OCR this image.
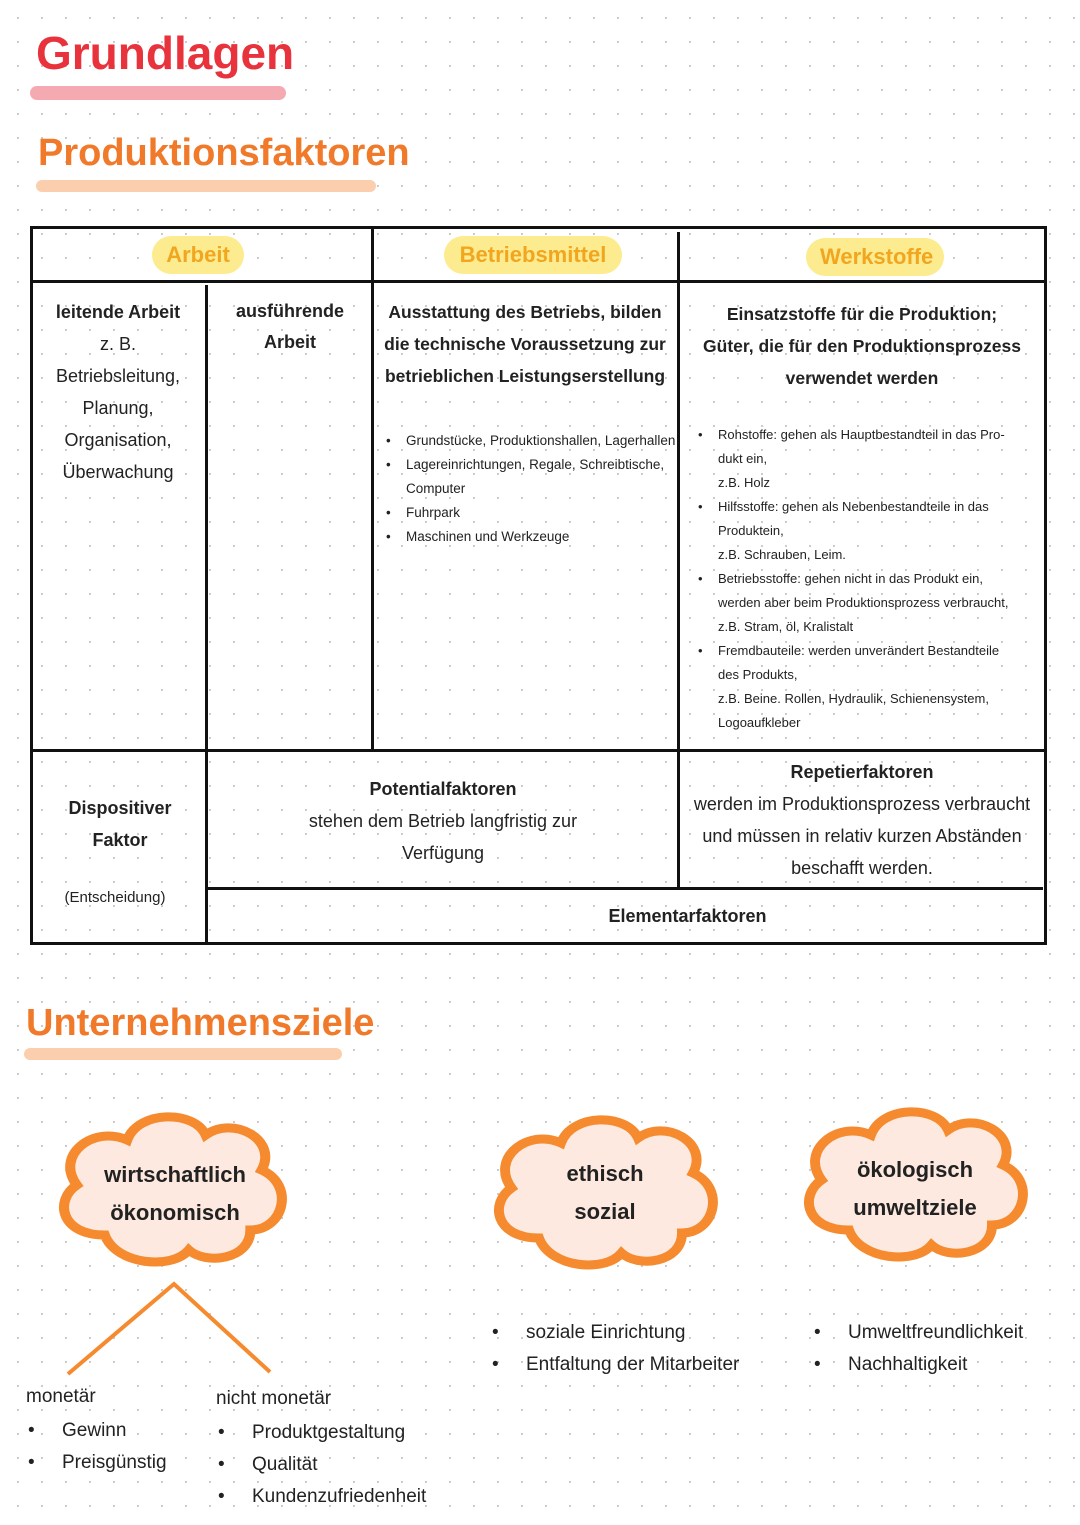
Grundlagen
Produktionsfaktoren
Arbeit	Betriebsmittel	Werkstoffe
leitende Arbeit
z. B.
Betriebsleitung,
Planung,
Organisation,
Überwachung
ausführende
Arbeit
Ausstattung des Betriebs, bilden
die technische Voraussetzung zur
betrieblichen Leistungserstellung
• Grundstücke, Produktionshallen, Lagerhallen
• Lagereinrichtungen, Regale, Schreibtische,
Computer
• Fuhrpark
• Maschinen und Werkzeuge
Einsatzstoffe für die Produktion;
Güter, die für den Produktionsprozess
verwendet werden
• Rohstoffe: gehen als Hauptbestandteil in das Pro-
dukt ein,
z.B. Holz
• Hilfsstoffe: gehen als Nebenbestandteile in das
Produktein,
z.B. Schrauben, Leim.
• Betriebsstoffe: gehen nicht in das Produkt ein,
werden aber beim Produktionsprozess verbraucht,
z.B. Stram, öl, Kralistalt
• Fremdbauteile: werden unverändert Bestandteile
des Produkts,
z.B. Beine. Rollen, Hydraulik, Schienensystem,
Logoaufkleber
Dispositiver
Faktor
(Entscheidung)
Potentialfaktoren
stehen dem Betrieb langfristig zur
Verfügung
Repetierfaktoren
werden im Produktionsprozess verbraucht
und müssen in relativ kurzen Abständen
beschafft werden.
Elementarfaktoren
Unternehmensziele
wirtschaftlich
ökonomisch
ethisch
sozial
ökologisch
umweltziele
monetär
• Gewinn
• Preisgünstig
nicht monetär
• Produktgestaltung
• Qualität
• Kundenzufriedenheit
• soziale Einrichtung
• Entfaltung der Mitarbeiter
• Umweltfreundlichkeit
• Nachhaltigkeit
